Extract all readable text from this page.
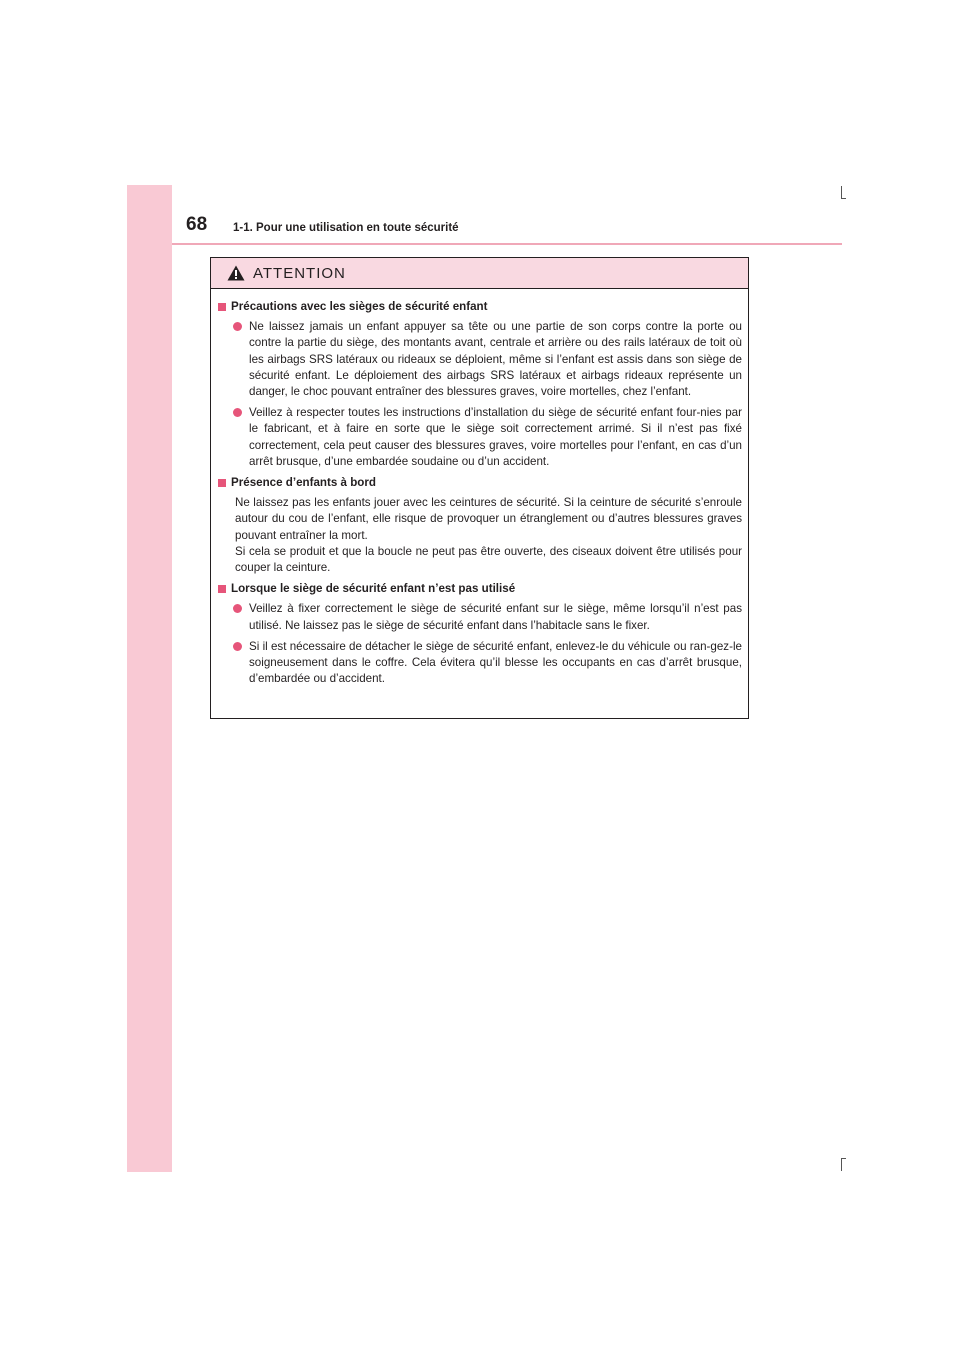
68 1-1. Pour une utilisation en toute sécurité
ATTENTION
Précautions avec les sièges de sécurité enfant
Ne laissez jamais un enfant appuyer sa tête ou une partie de son corps contre la porte ou contre la partie du siège, des montants avant, centrale et arrière ou des rails latéraux de toit où les airbags SRS latéraux ou rideaux se déploient, même si l’enfant est assis dans son siège de sécurité enfant. Le déploiement des airbags SRS latéraux et airbags rideaux représente un danger, le choc pouvant entraîner des blessures graves, voire mortelles, chez l’enfant.
Veillez à respecter toutes les instructions d’installation du siège de sécurité enfant four-nies par le fabricant, et à faire en sorte que le siège soit correctement arrimé. Si il n’est pas fixé correctement, cela peut causer des blessures graves, voire mortelles pour l’enfant, en cas d’un arrêt brusque, d’une embardée soudaine ou d’un accident.
Présence d’enfants à bord
Ne laissez pas les enfants jouer avec les ceintures de sécurité. Si la ceinture de sécurité s’enroule autour du cou de l’enfant, elle risque de provoquer un étranglement ou d’autres blessures graves pouvant entraîner la mort.
Si cela se produit et que la boucle ne peut pas être ouverte, des ciseaux doivent être utilisés pour couper la ceinture.
Lorsque le siège de sécurité enfant n’est pas utilisé
Veillez à fixer correctement le siège de sécurité enfant sur le siège, même lorsqu’il n’est pas utilisé. Ne laissez pas le siège de sécurité enfant dans l’habitacle sans le fixer.
Si il est nécessaire de détacher le siège de sécurité enfant, enlevez-le du véhicule ou ran-gez-le soigneusement dans le coffre. Cela évitera qu’il blesse les occupants en cas d’arrêt brusque, d’embardée ou d’accident.
